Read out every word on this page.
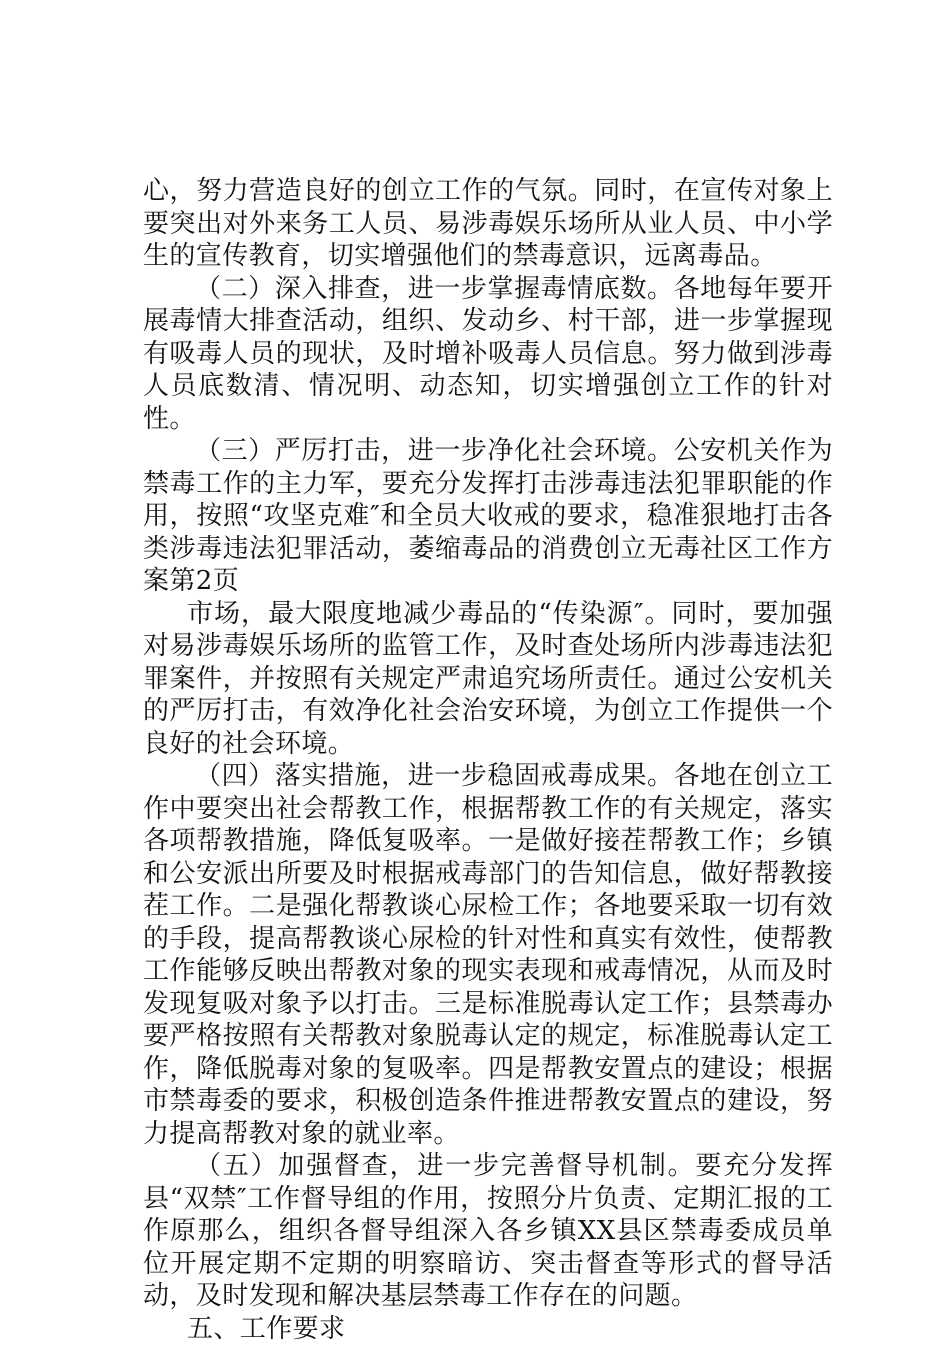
心，努力营造良好的创立工作的气氛。同时，在宣传对象上要突出对外来务工人员、易涉毒娱乐场所从业人员、中小学生的宣传教育，切实增强他们的禁毒意识，远离毒品。

（二）深入排查，进一步掌握毒情底数。各地每年要开展毒情大排查活动，组织、发动乡、村干部，进一步掌握现有吸毒人员的现状，及时增补吸毒人员信息。努力做到涉毒人员底数清、情况明、动态知，切实增强创立工作的针对性。

（三）严厉打击，进一步净化社会环境。公安机关作为禁毒工作的主力军，要充分发挥打击涉毒违法犯罪职能的作用，按照“攻坚克难″和全员大收戒的要求，稳准狠地打击各类涉毒违法犯罪活动，萎缩毒品的消费创立无毒社区工作方案第2页

市场，最大限度地减少毒品的“传染源″。同时，要加强对易涉毒娱乐场所的监管工作，及时查处场所内涉毒违法犯罪案件，并按照有关规定严肃追究场所责任。通过公安机关的严厉打击，有效净化社会治安环境，为创立工作提供一个良好的社会环境。

（四）落实措施，进一步稳固戒毒成果。各地在创立工作中要突出社会帮教工作，根据帮教工作的有关规定，落实各项帮教措施，降低复吸率。一是做好接茬帮教工作；乡镇和公安派出所要及时根据戒毒部门的告知信息，做好帮教接茬工作。二是强化帮教谈心尿检工作；各地要采取一切有效的手段，提高帮教谈心尿检的针对性和真实有效性，使帮教工作能够反映出帮教对象的现实表现和戒毒情况，从而及时发现复吸对象予以打击。三是标准脱毒认定工作；县禁毒办要严格按照有关帮教对象脱毒认定的规定，标准脱毒认定工作，降低脱毒对象的复吸率。四是帮教安置点的建设；根据市禁毒委的要求，积极创造条件推进帮教安置点的建设，努力提高帮教对象的就业率。

（五）加强督查，进一步完善督导机制。要充分发挥县“双禁″工作督导组的作用，按照分片负责、定期汇报的工作原那么，组织各督导组深入各乡镇XX县区禁毒委成员单位开展定期不定期的明察暗访、突击督查等形式的督导活动，及时发现和解决基层禁毒工作存在的问题。

五、工作要求
